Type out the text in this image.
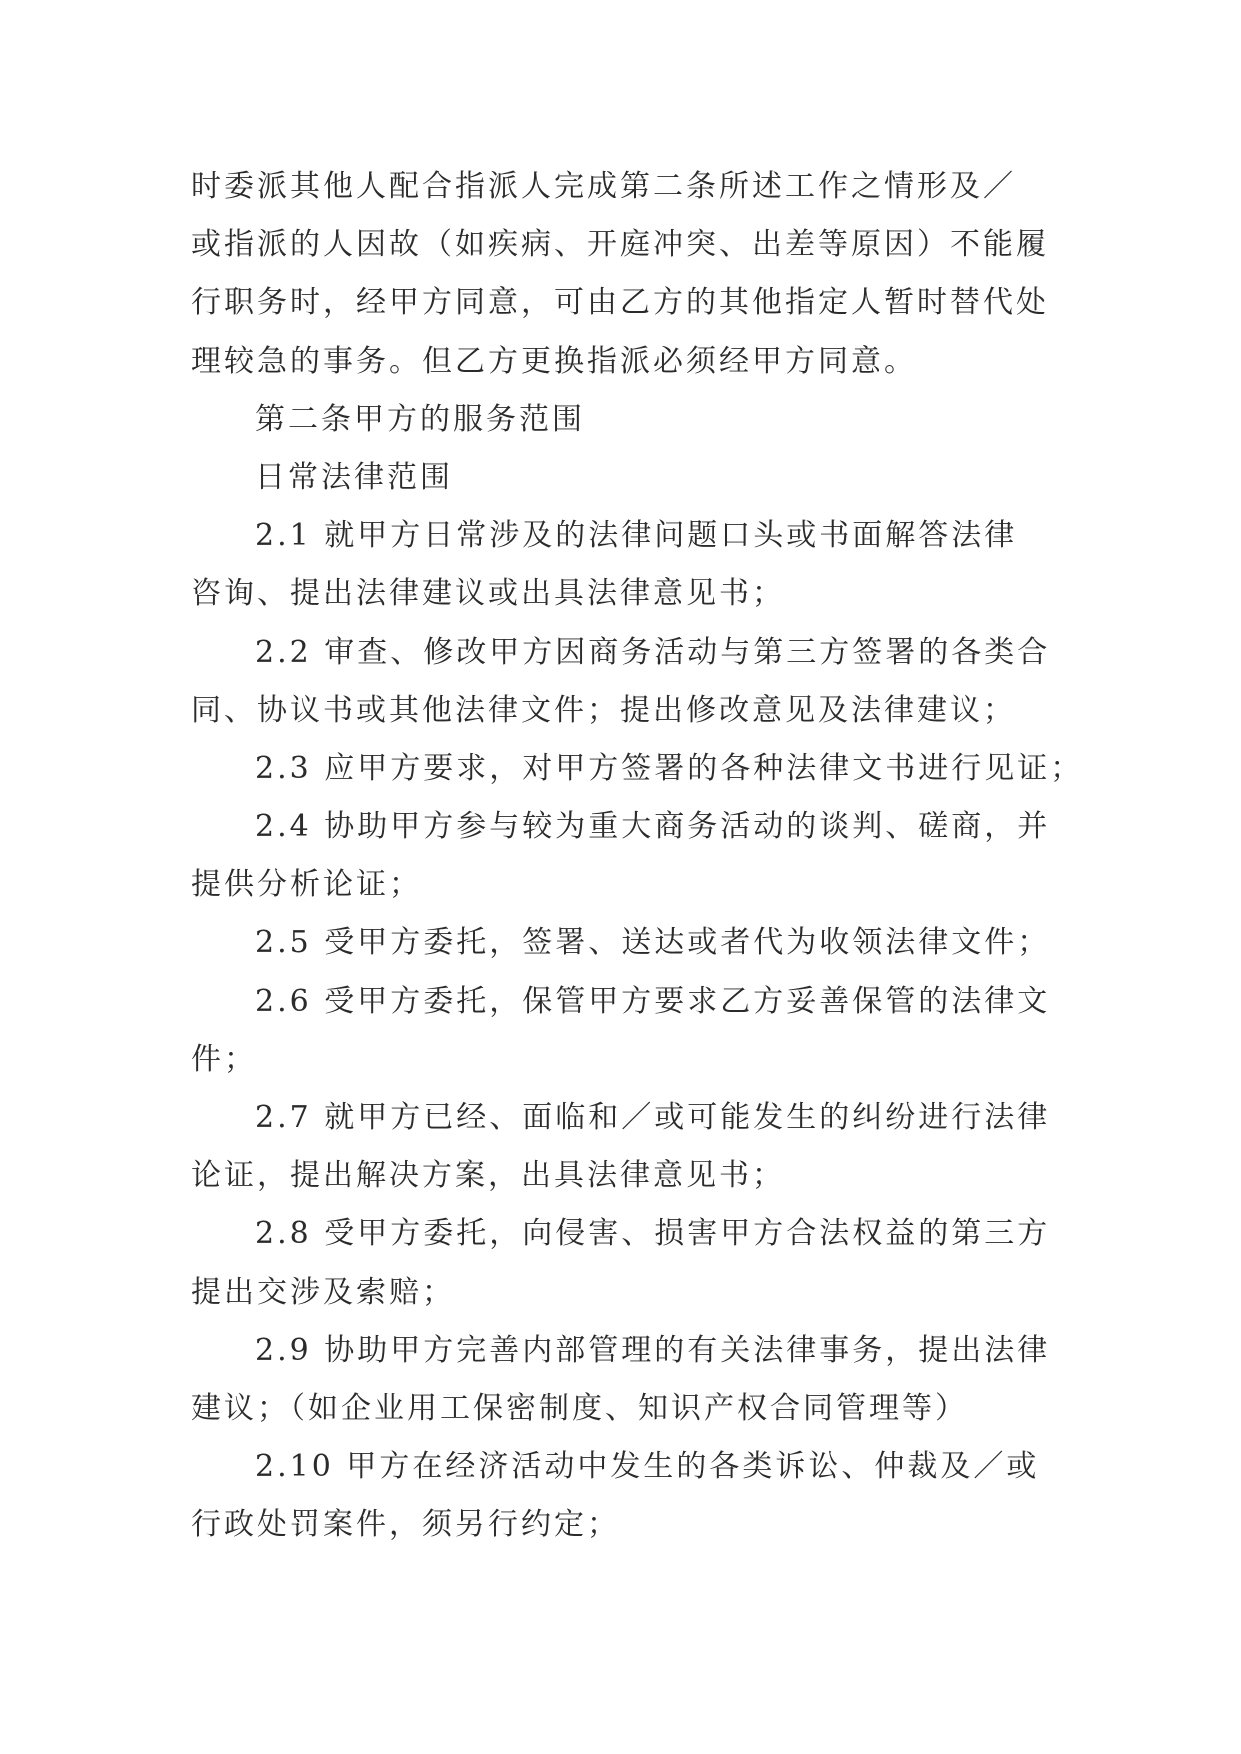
时委派其他人配合指派人完成第二条所述工作之情形及／
或指派的人因故（如疾病、开庭冲突、出差等原因）不能履
行职务时，经甲方同意，可由乙方的其他指定人暂时替代处
理较急的事务。但乙方更换指派必须经甲方同意。
第二条甲方的服务范围
日常法律范围
2.1 就甲方日常涉及的法律问题口头或书面解答法律
咨询、提出法律建议或出具法律意见书；
2.2 审查、修改甲方因商务活动与第三方签署的各类合
同、协议书或其他法律文件；提出修改意见及法律建议；
2.3 应甲方要求，对甲方签署的各种法律文书进行见证；
2.4 协助甲方参与较为重大商务活动的谈判、磋商，并
提供分析论证；
2.5 受甲方委托，签署、送达或者代为收领法律文件；
2.6 受甲方委托，保管甲方要求乙方妥善保管的法律文
件；
2.7 就甲方已经、面临和／或可能发生的纠纷进行法律
论证，提出解决方案，出具法律意见书；
2.8 受甲方委托，向侵害、损害甲方合法权益的第三方
提出交涉及索赔；
2.9 协助甲方完善内部管理的有关法律事务，提出法律
建议；（如企业用工保密制度、知识产权合同管理等）
2.10 甲方在经济活动中发生的各类诉讼、仲裁及／或
行政处罚案件，须另行约定；
